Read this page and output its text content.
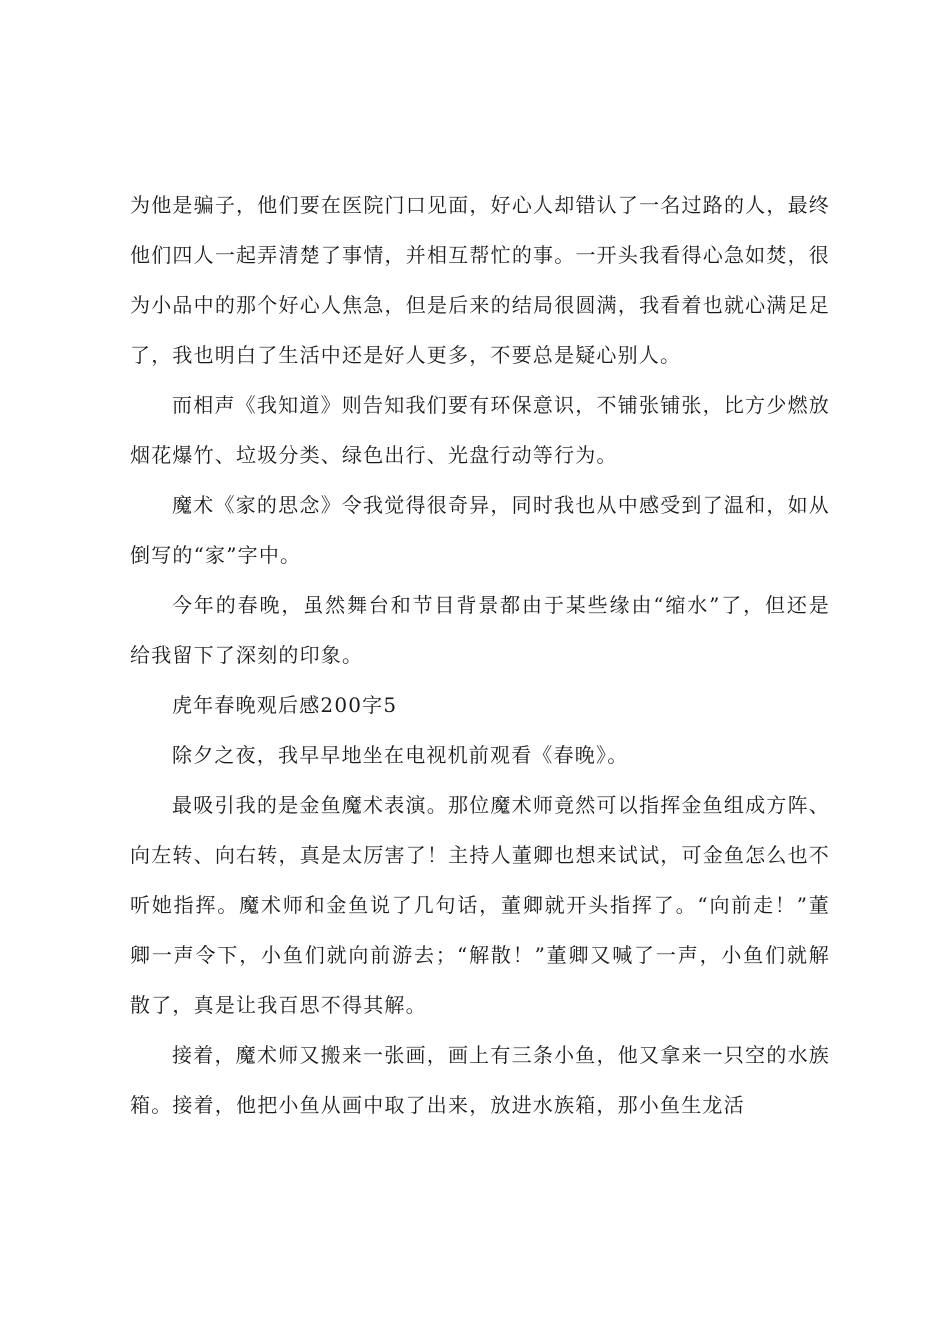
为他是骗子，他们要在医院门口见面，好心人却错认了一名过路的人，最终他们四人一起弄清楚了事情，并相互帮忙的事。一开头我看得心急如焚，很为小品中的那个好心人焦急，但是后来的结局很圆满，我看着也就心满足足了，我也明白了生活中还是好人更多，不要总是疑心别人。

而相声《我知道》则告知我们要有环保意识，不铺张铺张，比方少燃放烟花爆竹、垃圾分类、绿色出行、光盘行动等行为。

魔术《家的思念》令我觉得很奇异，同时我也从中感受到了温和，如从倒写的“家”字中。

今年的春晚，虽然舞台和节目背景都由于某些缘由“缩水”了，但还是给我留下了深刻的印象。

虎年春晚观后感200字5

除夕之夜，我早早地坐在电视机前观看《春晚》。

最吸引我的是金鱼魔术表演。那位魔术师竟然可以指挥金鱼组成方阵、向左转、向右转，真是太厉害了！主持人董卿也想来试试，可金鱼怎么也不听她指挥。魔术师和金鱼说了几句话，董卿就开头指挥了。“向前走！”董卿一声令下，小鱼们就向前游去；“解散！”董卿又喊了一声，小鱼们就解散了，真是让我百思不得其解。

接着，魔术师又搬来一张画，画上有三条小鱼，他又拿来一只空的水族箱。接着，他把小鱼从画中取了出来，放进水族箱，那小鱼生龙活
